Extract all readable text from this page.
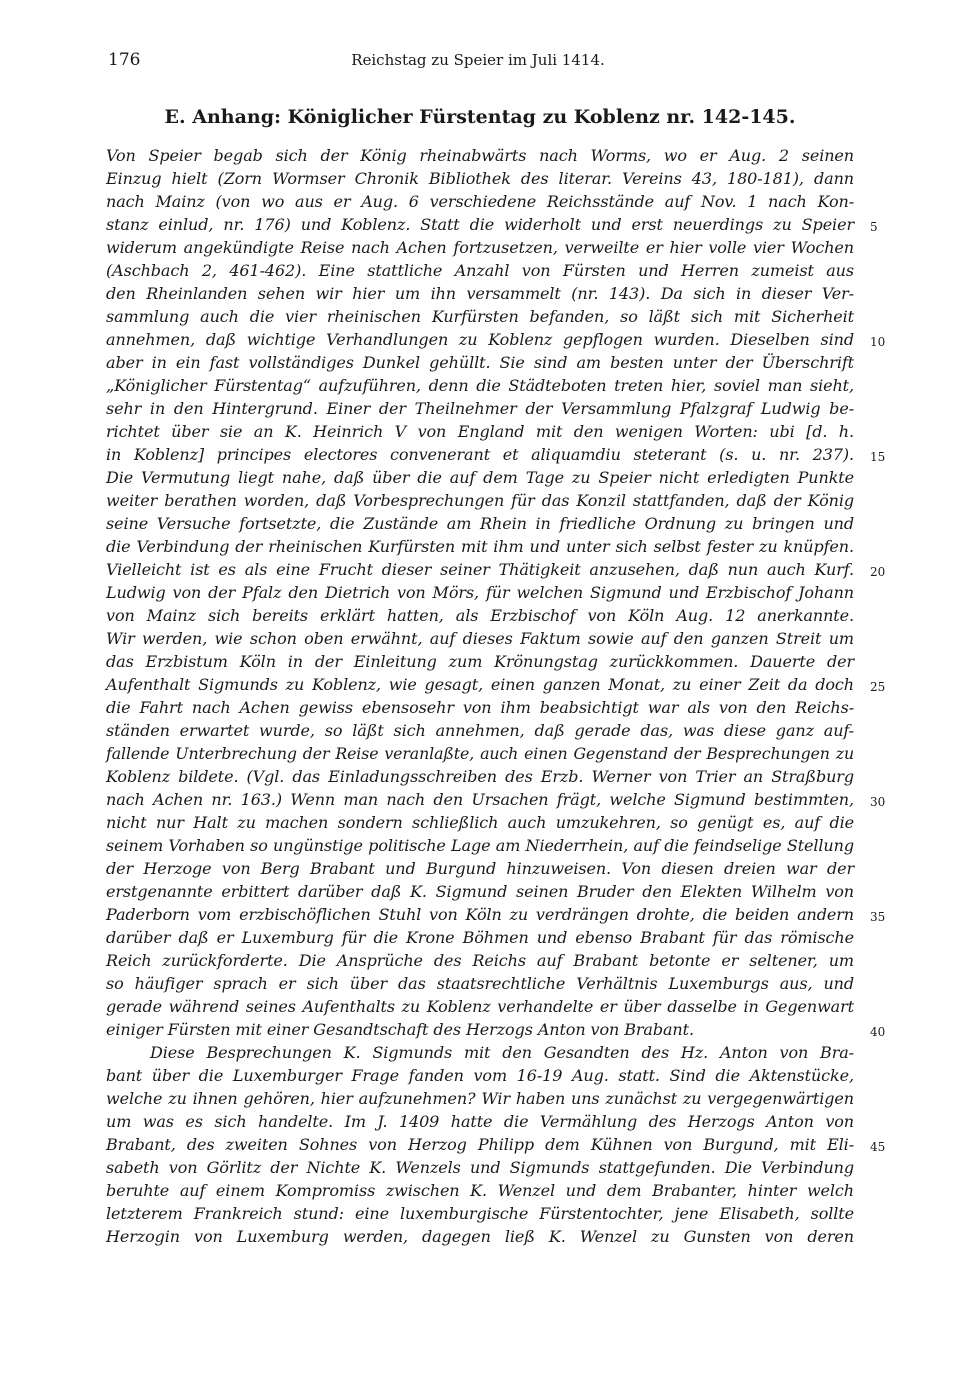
176	Reichstag zu Speier im Juli 1414.
E. Anhang: Königlicher Fürstentag zu Koblenz nr. 142-145.
Von Speier begab sich der König rheinabwärts nach Worms, wo er Aug. 2 seinen
Einzug hielt (Zorn Wormser Chronik Bibliothek des literar. Vereins 43, 180-181), dann
nach Mainz (von wo aus er Aug. 6 verschiedene Reichsstände auf Nov. 1 nach Kon-
stanz einlud, nr. 176) und Koblenz. Statt die widerholt und erst neuerdings zu Speier
widerum angekündigte Reise nach Achen fortzusetzen, verweilte er hier volle vier Wochen
(Aschbach 2, 461-462). Eine stattliche Anzahl von Fürsten und Herren zumeist aus
den Rheinlanden sehen wir hier um ihn versammelt (nr. 143). Da sich in dieser Ver-
sammlung auch die vier rheinischen Kurfürsten befanden, so läßt sich mit Sicherheit
annehmen, daß wichtige Verhandlungen zu Koblenz gepflogen wurden. Dieselben sind
aber in ein fast vollständiges Dunkel gehüllt. Sie sind am besten unter der Überschrift
„Königlicher Fürstentag“ aufzuführen, denn die Städteboten treten hier, soviel man sieht,
sehr in den Hintergrund. Einer der Theilnehmer der Versammlung Pfalzgraf Ludwig be-
richtet über sie an K. Heinrich V von England mit den wenigen Worten: ubi [d. h.
in Koblenz] principes electores convenerant et aliquamdiu steterant (s. u. nr. 237).
Die Vermutung liegt nahe, daß über die auf dem Tage zu Speier nicht erledigten Punkte
weiter berathen worden, daß Vorbesprechungen für das Konzil stattfanden, daß der König
seine Versuche fortsetzte, die Zustände am Rhein in friedliche Ordnung zu bringen und
die Verbindung der rheinischen Kurfürsten mit ihm und unter sich selbst fester zu knüpfen.
Vielleicht ist es als eine Frucht dieser seiner Thätigkeit anzusehen, daß nun auch Kurf.
Ludwig von der Pfalz den Dietrich von Mörs, für welchen Sigmund und Erzbischof Johann
von Mainz sich bereits erklärt hatten, als Erzbischof von Köln Aug. 12 anerkannte.
Wir werden, wie schon oben erwähnt, auf dieses Faktum sowie auf den ganzen Streit um
das Erzbistum Köln in der Einleitung zum Krönungstag zurückkommen. Dauerte der
Aufenthalt Sigmunds zu Koblenz, wie gesagt, einen ganzen Monat, zu einer Zeit da doch
die Fahrt nach Achen gewiss ebensosehr von ihm beabsichtigt war als von den Reichs-
ständen erwartet wurde, so läßt sich annehmen, daß gerade das, was diese ganz auf-
fallende Unterbrechung der Reise veranlaßte, auch einen Gegenstand der Besprechungen zu
Koblenz bildete. (Vgl. das Einladungsschreiben des Erzb. Werner von Trier an Straßburg
nach Achen nr. 163.) Wenn man nach den Ursachen frägt, welche Sigmund bestimmten,
nicht nur Halt zu machen sondern schließlich auch umzukehren, so genügt es, auf die
seinem Vorhaben so ungünstige politische Lage am Niederrhein, auf die feindselige Stellung
der Herzoge von Berg Brabant und Burgund hinzuweisen. Von diesen dreien war der
erstgenannte erbittert darüber daß K. Sigmund seinen Bruder den Elekten Wilhelm von
Paderborn vom erzbischöflichen Stuhl von Köln zu verdrängen drohte, die beiden andern
darüber daß er Luxemburg für die Krone Böhmen und ebenso Brabant für das römische
Reich zurückforderte. Die Ansprüche des Reichs auf Brabant betonte er seltener, um
so häufiger sprach er sich über das staatsrechtliche Verhältnis Luxemburgs aus, und
gerade während seines Aufenthalts zu Koblenz verhandelte er über dasselbe in Gegenwart
einiger Fürsten mit einer Gesandtschaft des Herzogs Anton von Brabant.
Diese Besprechungen K. Sigmunds mit den Gesandten des Hz. Anton von Bra-
bant über die Luxemburger Frage fanden vom 16-19 Aug. statt. Sind die Aktenstücke,
welche zu ihnen gehören, hier aufzunehmen? Wir haben uns zunächst zu vergegenwärtigen
um was es sich handelte. Im J. 1409 hatte die Vermählung des Herzogs Anton von
Brabant, des zweiten Sohnes von Herzog Philipp dem Kühnen von Burgund, mit Eli-
sabeth von Görlitz der Nichte K. Wenzels und Sigmunds stattgefunden. Die Verbindung
beruhte auf einem Kompromiss zwischen K. Wenzel und dem Brabanter, hinter welch
letzterem Frankreich stund: eine luxemburgische Fürstentochter, jene Elisabeth, sollte
Herzogin von Luxemburg werden, dagegen ließ K. Wenzel zu Gunsten von deren
5
10
15
20
25
30
35
40
45
